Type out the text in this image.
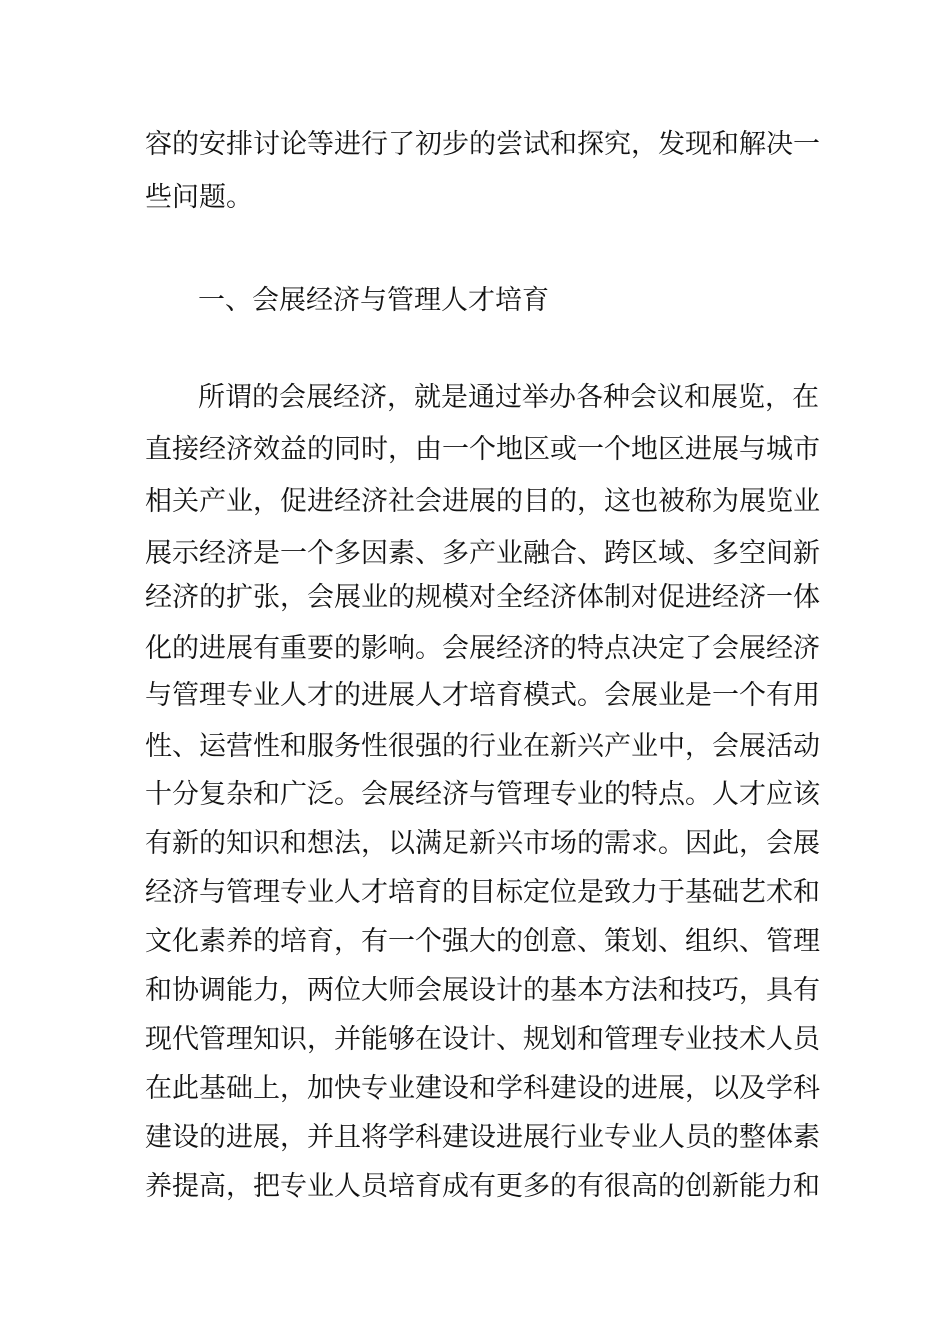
容的安排讨论等进行了初步的尝试和探究，发现和解决一
些问题。
一、会展经济与管理人才培育
所谓的会展经济，就是通过举办各种会议和展览，在
直接经济效益的同时，由一个地区或一个地区进展与城市
相关产业，促进经济社会进展的目的，这也被称为展览业
展示经济是一个多因素、多产业融合、跨区域、多空间新
经济的扩张，会展业的规模对全经济体制对促进经济一体
化的进展有重要的影响。会展经济的特点决定了会展经济
与管理专业人才的进展人才培育模式。会展业是一个有用
性、运营性和服务性很强的行业在新兴产业中，会展活动
十分复杂和广泛。会展经济与管理专业的特点。人才应该
有新的知识和想法，以满足新兴市场的需求。因此，会展
经济与管理专业人才培育的目标定位是致力于基础艺术和
文化素养的培育，有一个强大的创意、策划、组织、管理
和协调能力，两位大师会展设计的基本方法和技巧，具有
现代管理知识，并能够在设计、规划和管理专业技术人员
在此基础上，加快专业建设和学科建设的进展，以及学科
建设的进展，并且将学科建设进展行业专业人员的整体素
养提高，把专业人员培育成有更多的有很高的创新能力和
